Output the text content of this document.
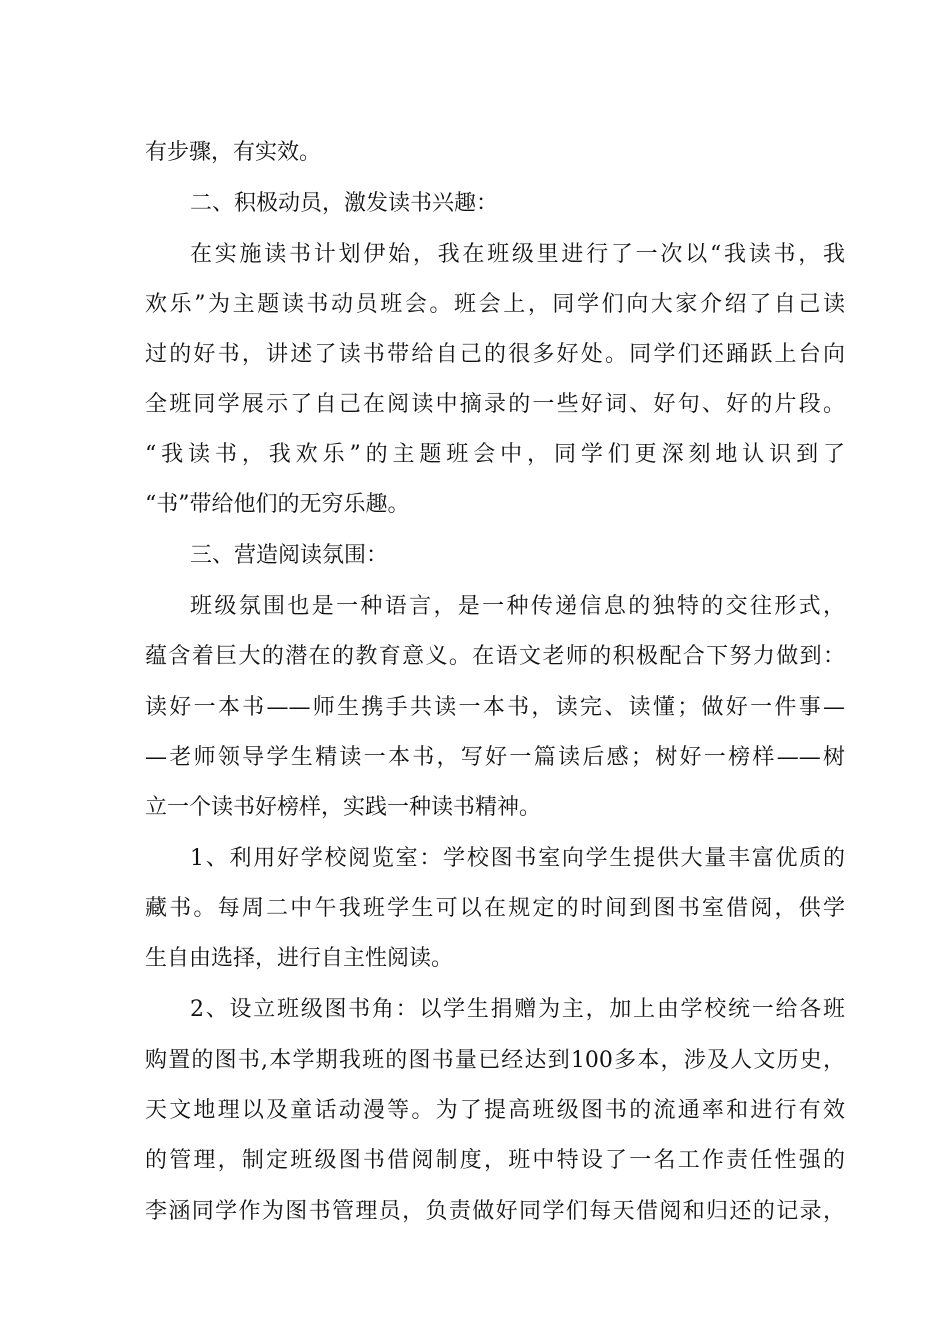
有步骤，有实效。
二、积极动员，激发读书兴趣：
在实施读书计划伊始，我在班级里进行了一次以“我读书，我
欢乐”为主题读书动员班会。班会上，同学们向大家介绍了自己读
过的好书，讲述了读书带给自己的很多好处。同学们还踊跃上台向
全班同学展示了自己在阅读中摘录的一些好词、好句、好的片段。
“我读书，我欢乐”的主题班会中，同学们更深刻地认识到了
“书”带给他们的无穷乐趣。
三、营造阅读氛围：
班级氛围也是一种语言，是一种传递信息的独特的交往形式，
蕴含着巨大的潜在的教育意义。在语文老师的积极配合下努力做到：
读好一本书——师生携手共读一本书，读完、读懂；做好一件事—
—老师领导学生精读一本书，写好一篇读后感；树好一榜样——树
立一个读书好榜样，实践一种读书精神。
1、利用好学校阅览室：学校图书室向学生提供大量丰富优质的
藏书。每周二中午我班学生可以在规定的时间到图书室借阅，供学
生自由选择，进行自主性阅读。
2、设立班级图书角：以学生捐赠为主，加上由学校统一给各班
购置的图书,本学期我班的图书量已经达到100多本，涉及人文历史，
天文地理以及童话动漫等。为了提高班级图书的流通率和进行有效
的管理，制定班级图书借阅制度，班中特设了一名工作责任性强的
李涵同学作为图书管理员，负责做好同学们每天借阅和归还的记录，
